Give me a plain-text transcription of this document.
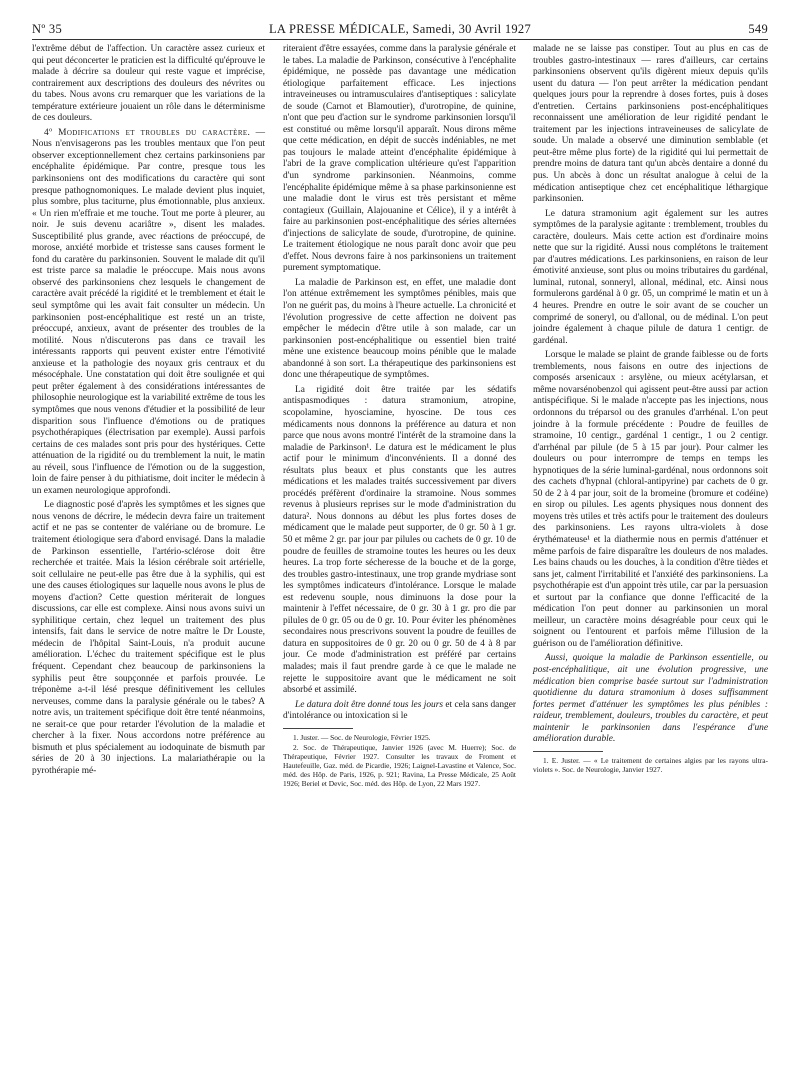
Nº 35	LA PRESSE MÉDICALE, Samedi, 30 Avril 1927	549

l'extrême début de l'affection. Un caractère assez curieux et qui peut déconcerter le praticien est la difficulté qu'éprouve le malade à décrire sa douleur qui reste vague et imprécise, contrairement aux descriptions des douleurs des névrites ou du tabes. Nous avons cru remarquer que les variations de la température extérieure jouaient un rôle dans le déterminisme de ces douleurs.

4º Modifications et troubles du caractère. — Nous n'envisagerons pas les troubles mentaux que l'on peut observer exceptionnellement chez certains parkinsoniens par encéphalite épidémique. Par contre, presque tous les parkinsoniens ont des modifications du caractère qui sont presque pathognomoniques. Le malade devient plus inquiet, plus sombre, plus taciturne, plus émotionnable, plus anxieux. « Un rien m'effraie et me touche. Tout me porte à pleurer, au noir. Je suis devenu acariâtre », disent les malades. Susceptibilité plus grande, avec réactions de préoccupé, de morose, anxiété morbide et tristesse sans causes forment le fond du caratère du parkinsonien. Souvent le malade dit qu'il est triste parce sa maladie le préoccupe. Mais nous avons observé des parkinsoniens chez lesquels le changement de caractère avait précédé la rigidité et le tremblement et était le seul symptôme qui les avait fait consulter un médecin. Un parkinsonien post-encéphalitique est resté un an triste, préoccupé, anxieux, avant de présenter des troubles de la motilité. Nous n'discuterons pas dans ce travail les intéressants rapports qui peuvent exister entre l'émotivité anxieuse et la pathologie des noyaux gris centraux et du mésocéphale. Une constatation qui doit être soulignée et qui peut prêter également à des considérations intéressantes de philosophie neurologique est la variabilité extrême de tous les symptômes que nous venons d'étudier et la possibilité de leur disparition sous l'influence d'émotions ou de pratiques psychothérapiques (électrisation par exemple). Aussi parfois certains de ces malades sont pris pour des hystériques. Cette atténuation de la rigidité ou du tremblement la nuit, le matin au réveil, sous l'influence de l'émotion ou de la suggestion, loin de faire penser à du pithiatisme, doit inciter le médecin à un examen neurologique approfondi.

Le diagnostic posé d'après les symptômes et les signes que nous venons de décrire, le médecin devra faire un traitement actif et ne pas se contenter de valériane ou de bromure. Le traitement étiologique sera d'abord envisagé. Dans la maladie de Parkinson essentielle, l'artério-sclérose doit être recherchée et traitée. Mais la lésion cérébrale soit artérielle, soit cellulaire ne peut-elle pas être due à la syphilis, qui est une des causes étiologiques sur laquelle nous avons le plus de moyens d'action? Cette question mériterait de longues discussions, car elle est complexe. Ainsi nous avons suivi un syphilitique certain, chez lequel un traitement des plus intensifs, fait dans le service de notre maître le Dr Louste, médecin de l'hôpital Saint-Louis, n'a produit aucune amélioration. L'échec du traitement spécifique est le plus fréquent. Cependant chez beaucoup de parkinsoniens la syphilis peut être soupçonnée et parfois prouvée. Le tréponème a-t-il lésé presque définitivement les cellules nerveuses, comme dans la paralysie générale ou le tabes? A notre avis, un traitement spécifique doit être tenté néanmoins, ne serait-ce que pour retarder l'évolution de la maladie et chercher à la fixer. Nous accordons notre préférence au bismuth et plus spécialement au iodoquinate de bismuth par séries de 20 à 30 injections. La malariathérapie ou la pyrothérapie mé-

riteraient d'être essayées, comme dans la paralysie générale et le tabes. La maladie de Parkinson, consécutive à l'encéphalite épidémique, ne possède pas davantage une médication étiologique parfaitement efficace. Les injections intraveineuses ou intramusculaires d'antiseptiques : salicylate de soude (Carnot et Blamoutier), d'urotropine, de quinine, n'ont que peu d'action sur le syndrome parkinsonien lorsqu'il est constitué ou même lorsqu'il apparaît. Nous dirons même que cette médication, en dépit de succès indéniables, ne met pas toujours le malade atteint d'encéphalite épidémique à l'abri de la grave complication ultérieure qu'est l'apparition d'un syndrome parkinsonien. Néanmoins, comme l'encéphalite épidémique même à sa phase parkinsonienne est une maladie dont le virus est très persistant et même contagieux (Guillain, Alajouanine et Célice), il y a intérêt à faire au parkinsonien post-encéphalitique des séries alternées d'injections de salicylate de soude, d'urotropine, de quinine. Le traitement étiologique ne nous paraît donc avoir que peu d'effet. Nous devrons faire à nos parkinsoniens un traitement purement symptomatique.

La maladie de Parkinson est, en effet, une maladie dont l'on atténue extrêmement les symptômes pénibles, mais que l'on ne guérit pas, du moins à l'heure actuelle. La chronicité et l'évolution progressive de cette affection ne doivent pas empêcher le médecin d'être utile à son malade, car un parkinsonien post-encéphalitique ou essentiel bien traité mène une existence beaucoup moins pénible que le malade abandonné à son sort. La thérapeutique des parkinsoniens est donc une thérapeutique de symptômes.

La rigidité doit être traitée par les sédatifs antispasmodiques : datura stramonium, atropine, scopolamine, hyosciamine, hyoscine. De tous ces médicaments nous donnons la préférence au datura et non parce que nous avons montré l'intérêt de la stramoine dans la maladie de Parkinson¹. Le datura est le médicament le plus actif pour le minimum d'inconvénients. Il a donné des résultats plus beaux et plus constants que les autres médications et les malades traités successivement par divers procédés préfèrent d'ordinaire la stramoine. Nous sommes revenus à plusieurs reprises sur le mode d'administration du datura². Nous donnons au début les plus fortes doses de médicament que le malade peut supporter, de 0 gr. 50 à 1 gr. 50 et même 2 gr. par jour par pilules ou cachets de 0 gr. 10 de poudre de feuilles de stramoine toutes les heures ou les deux heures. La trop forte sécheresse de la bouche et de la gorge, des troubles gastro-intestinaux, une trop grande mydriase sont les symptômes indicateurs d'intolérance. Lorsque le malade est redevenu souple, nous diminuons la dose pour la maintenir à l'effet nécessaire, de 0 gr. 30 à 1 gr. pro die par pilules de 0 gr. 05 ou de 0 gr. 10. Pour éviter les phénomènes secondaires nous prescrivons souvent la poudre de feuilles de datura en suppositoires de 0 gr. 20 ou 0 gr. 50 de 4 à 8 par jour. Ce mode d'administration est préféré par certains malades; mais il faut prendre garde à ce que le malade ne rejette le suppositoire avant que le médicament ne soit absorbé et assimilé.

Le datura doit être donné tous les jours et cela sans danger d'intolérance ou intoxication si le

1. Juster. — Soc. de Neurologie, Février 1925.

2. Soc. de Thérapeutique, Janvier 1926 (avec M. Huerre); Soc. de Thérapeutique, Février 1927. Consulter les travaux de Froment et Hautefeuille, Gaz. méd. de Picardie, 1926; Laignel-Lavastine et Valence, Soc. méd. des Hôp. de Paris, 1926, p. 921; Ravina, La Presse Médicale, 25 Août 1926; Beriel et Devic, Soc. méd. des Hôp. de Lyon, 22 Mars 1927.

malade ne se laisse pas constiper. Tout au plus en cas de troubles gastro-intestinaux — rares d'ailleurs, car certains parkinsoniens observent qu'ils digèrent mieux depuis qu'ils usent du datura — l'on peut arrêter la médication pendant quelques jours pour la reprendre à doses fortes, puis à doses d'entretien. Certains parkinsoniens post-encéphalitiques reconnaissent une amélioration de leur rigidité pendant le traitement par les injections intraveineuses de salicylate de soude. Un malade a observé une diminution semblable (et peut-être même plus forte) de la rigidité qui lui permettait de prendre moins de datura tant qu'un abcès dentaire a donné du pus. Un abcès à donc un résultat analogue à celui de la médication antiseptique chez cet encéphalitique léthargique parkinsonien.

Le datura stramonium agit également sur les autres symptômes de la paralysie agitante : tremblement, troubles du caractère, douleurs. Mais cette action est d'ordinaire moins nette que sur la rigidité. Aussi nous complétons le traitement par d'autres médications. Les parkinsoniens, en raison de leur émotivité anxieuse, sont plus ou moins tributaires du gardénal, luminal, rutonal, sonneryl, allonal, médinal, etc. Ainsi nous formulerons gardénal à 0 gr. 05, un comprimé le matin et un à 4 heures. Prendre en outre le soir avant de se coucher un comprimé de soneryl, ou d'allonal, ou de médinal. L'on peut joindre également à chaque pilule de datura 1 centigr. de gardénal.

Lorsque le malade se plaint de grande faiblesse ou de forts tremblements, nous faisons en outre des injections de composés arsenicaux : arsylène, ou mieux acétylarsan, et même novarsénobenzol qui agissent peut-être aussi par action antispécifique. Si le malade n'accepte pas les injections, nous ordonnons du tréparsol ou des granules d'arrhénal. L'on peut joindre à la formule précédente : Poudre de feuilles de stramoine, 10 centigr., gardénal 1 centigr., 1 ou 2 centigr. d'arrhénal par pilule (de 5 à 15 par jour). Pour calmer les douleurs ou pour interrompre de temps en temps les hypnotiques de la série luminal-gardénal, nous ordonnons soit des cachets d'hypnal (chloral-antipyrine) par cachets de 0 gr. 50 de 2 à 4 par jour, soit de la bromeine (bromure et codéine) en sirop ou pilules. Les agents physiques nous donnent des moyens très utiles et très actifs pour le traitement des douleurs des parkinsoniens. Les rayons ultra-violets à dose érythémateuse¹ et la diathermie nous en permis d'atténuer et même parfois de faire disparaître les douleurs de nos malades. Les bains chauds ou les douches, à la condition d'être tièdes et sans jet, calment l'irritabilité et l'anxiété des parkinsoniens. La psychothérapie est d'un appoint très utile, car par la persuasion et surtout par la confiance que donne l'efficacité de la médication l'on peut donner au parkinsonien un moral meilleur, un caractère moins désagréable pour ceux qui le soignent ou l'entourent et parfois même l'illusion de la guérison ou de l'amélioration définitive.

Aussi, quoique la maladie de Parkinson essentielle, ou post-encéphalitique, ait une évolution progressive, une médication bien comprise basée surtout sur l'administration quotidienne du datura stramonium à doses suffisamment fortes permet d'atténuer les symptômes les plus pénibles : raideur, tremblement, douleurs, troubles du caractère, et peut maintenir le parkinsonien dans l'espérance d'une amélioration durable.

1. E. Juster. — « Le traitement de certaines algies par les rayons ultra-violets ». Soc. de Neurologie, Janvier 1927.
